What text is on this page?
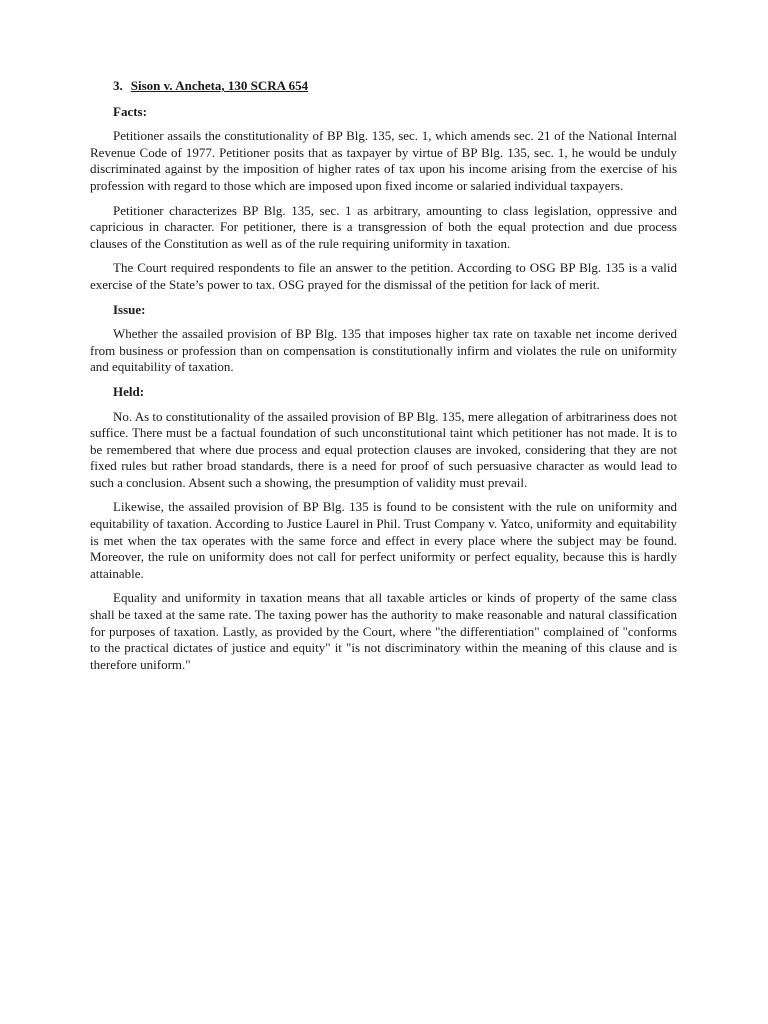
3. Sison v. Ancheta, 130 SCRA 654
Facts:

Petitioner assails the constitutionality of BP Blg. 135, sec. 1, which amends sec. 21 of the National Internal Revenue Code of 1977. Petitioner posits that as taxpayer by virtue of BP Blg. 135, sec. 1, he would be unduly discriminated against by the imposition of higher rates of tax upon his income arising from the exercise of his profession with regard to those which are imposed upon fixed income or salaried individual taxpayers.

Petitioner characterizes BP Blg. 135, sec. 1 as arbitrary, amounting to class legislation, oppressive and capricious in character. For petitioner, there is a transgression of both the equal protection and due process clauses of the Constitution as well as of the rule requiring uniformity in taxation.

The Court required respondents to file an answer to the petition. According to OSG BP Blg. 135 is a valid exercise of the State’s power to tax. OSG prayed for the dismissal of the petition for lack of merit.

Issue:

Whether the assailed provision of BP Blg. 135 that imposes higher tax rate on taxable net income derived from business or profession than on compensation is constitutionally infirm and violates the rule on uniformity and equitability of taxation.

Held:

No. As to constitutionality of the assailed provision of BP Blg. 135, mere allegation of arbitrariness does not suffice. There must be a factual foundation of such unconstitutional taint which petitioner has not made. It is to be remembered that where due process and equal protection clauses are invoked, considering that they are not fixed rules but rather broad standards, there is a need for proof of such persuasive character as would lead to such a conclusion. Absent such a showing, the presumption of validity must prevail.

Likewise, the assailed provision of BP Blg. 135 is found to be consistent with the rule on uniformity and equitability of taxation. According to Justice Laurel in Phil. Trust Company v. Yatco, uniformity and equitability is met when the tax operates with the same force and effect in every place where the subject may be found. Moreover, the rule on uniformity does not call for perfect uniformity or perfect equality, because this is hardly attainable.

Equality and uniformity in taxation means that all taxable articles or kinds of property of the same class shall be taxed at the same rate. The taxing power has the authority to make reasonable and natural classification for purposes of taxation. Lastly, as provided by the Court, where "the differentiation" complained of "conforms to the practical dictates of justice and equity" it "is not discriminatory within the meaning of this clause and is therefore uniform."
